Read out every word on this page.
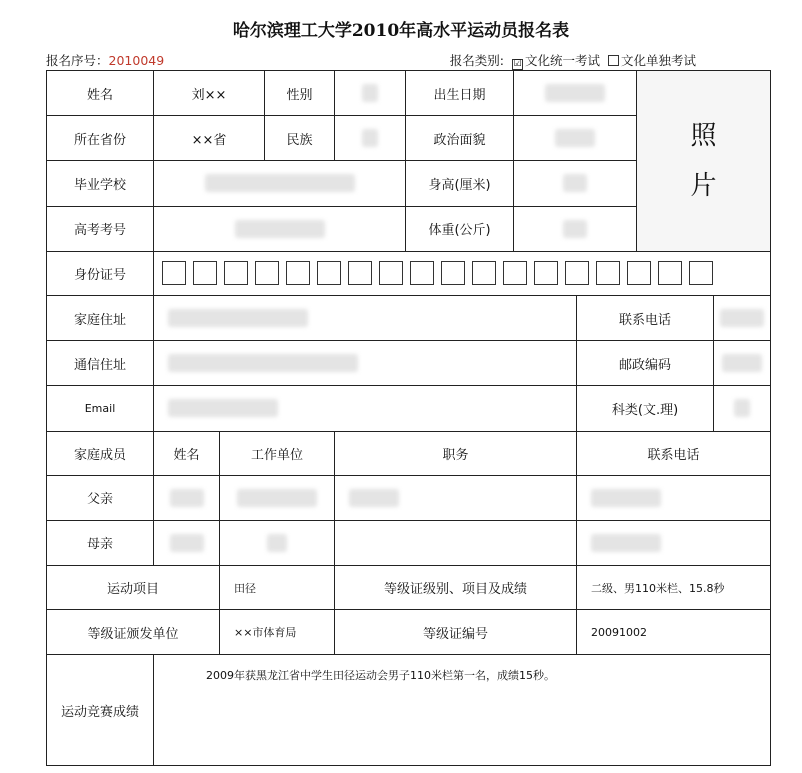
哈尔滨理工大学2010年高水平运动员报名表
报名序号：2010049	报名类别: ☑ 文化统一考试 文化单独考试
姓名	刘××		性别		出生日期			照
片	

所在省份	××省		民族		政治面貌				
毕业学校					身高(厘米)				
高考考号					体重(公斤)				
身份证号									
家庭住址							联系电话		
通信住址							邮政编码		
Email							科类(文.理)		
家庭成员	姓名	工作单位		职务			联系电话		
父亲									
母亲									
运动项目		田径		等级证级别、项目及成绩			二级、男110米栏、15.8秒		
等级证颁发单位		××市体育局		等级证编号			20091002		
运动竞赛成绩	2009年获黑龙江省中学生田径运动会男子110米栏第一名，成绩15秒。								
